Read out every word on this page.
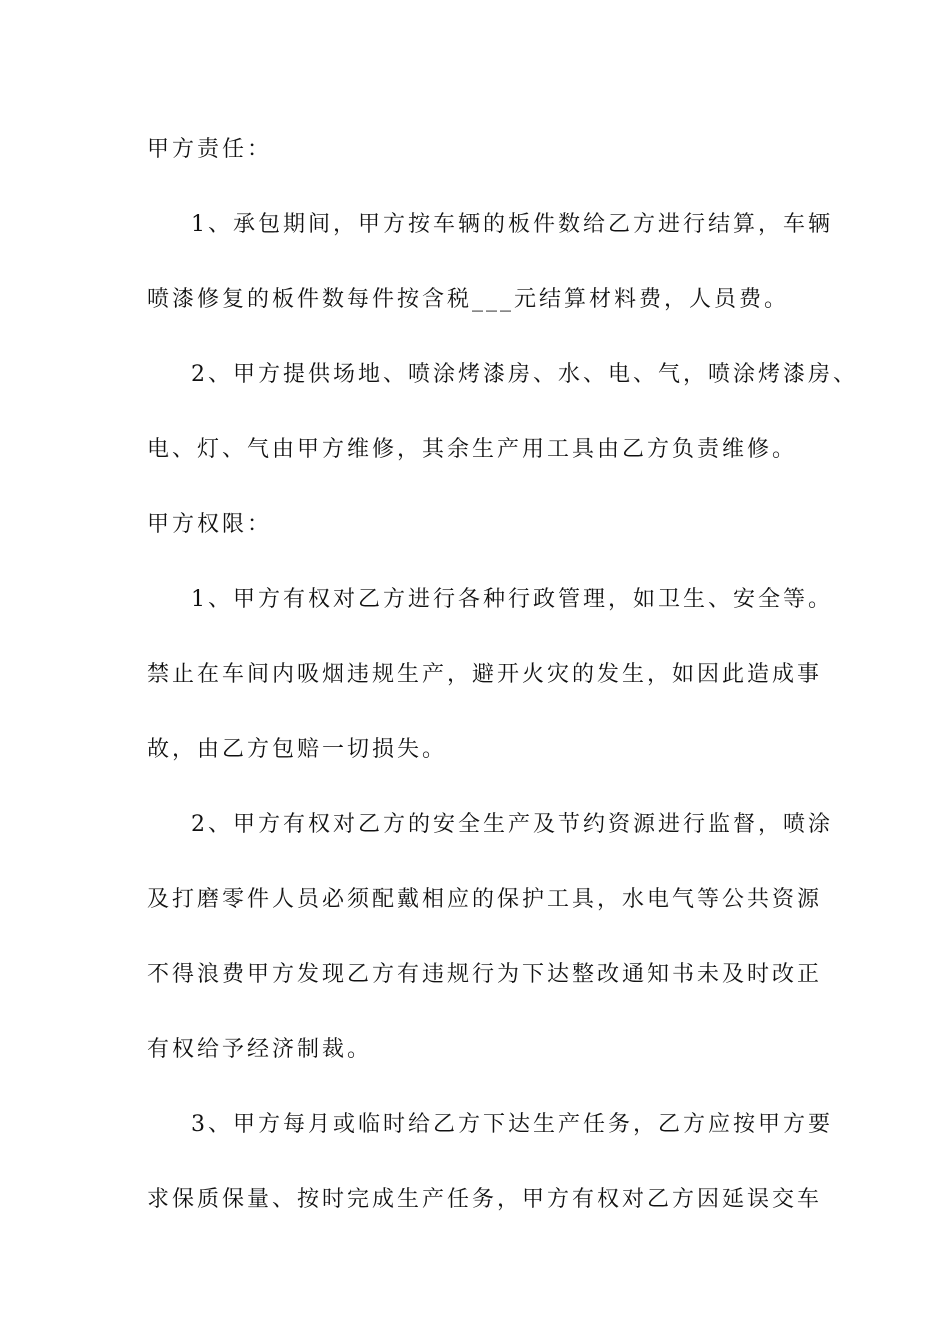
甲方责任：
1、承包期间，甲方按车辆的板件数给乙方进行结算，车辆
喷漆修复的板件数每件按含税___元结算材料费，人员费。
2、甲方提供场地、喷涂烤漆房、水、电、气，喷涂烤漆房、
电、灯、气由甲方维修，其余生产用工具由乙方负责维修。
甲方权限：
1、甲方有权对乙方进行各种行政管理，如卫生、安全等。
禁止在车间内吸烟违规生产，避开火灾的发生，如因此造成事
故，由乙方包赔一切损失。
2、甲方有权对乙方的安全生产及节约资源进行监督，喷涂
及打磨零件人员必须配戴相应的保护工具，水电气等公共资源
不得浪费甲方发现乙方有违规行为下达整改通知书未及时改正
有权给予经济制裁。
3、甲方每月或临时给乙方下达生产任务，乙方应按甲方要
求保质保量、按时完成生产任务，甲方有权对乙方因延误交车
